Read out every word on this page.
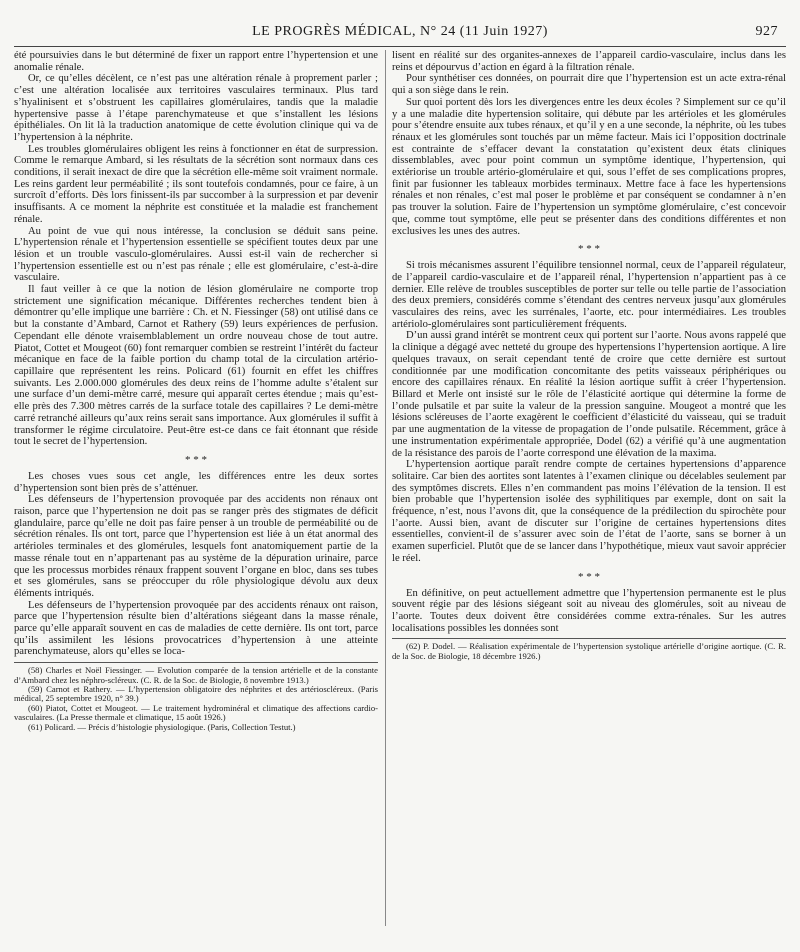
LE PROGRÈS MÉDICAL, N° 24 (11 Juin 1927)	927

été poursuivies dans le but déterminé de fixer un rapport entre l’hypertension et une anomalie rénale.

Or, ce qu’elles décèlent, ce n’est pas une altération rénale à proprement parler ; c’est une altération localisée aux territoires vasculaires terminaux. Plus tard s’hyalinisent et s’obstruent les capillaires glomérulaires, tandis que la maladie hypertensive passe à l’étape parenchymateuse et que s’installent les lésions épithéliales. On lit là la traduction anatomique de cette évolution clinique qui va de l’hypertension à la néphrite.

Les troubles glomérulaires obligent les reins à fonctionner en état de surpression. Comme le remarque Ambard, si les résultats de la sécrétion sont normaux dans ces conditions, il serait inexact de dire que la sécrétion elle-même soit vraiment normale. Les reins gardent leur perméabilité ; ils sont toutefois condamnés, pour ce faire, à un surcroît d’efforts. Dès lors finissent-ils par succomber à la surpression et par devenir insuffisants. A ce moment la néphrite est constituée et la maladie est franchement rénale.

Au point de vue qui nous intéresse, la conclusion se déduit sans peine. L’hypertension rénale et l’hypertension essentielle se spécifient toutes deux par une lésion et un trouble vasculo-glomérulaires. Aussi est-il vain de rechercher si l’hypertension essentielle est ou n’est pas rénale ; elle est glomérulaire, c’est-à-dire vasculaire.

Il faut veiller à ce que la notion de lésion glomérulaire ne comporte trop strictement une signification mécanique. Différentes recherches tendent bien à démontrer qu’elle implique une barrière : Ch. et N. Fiessinger (58) ont utilisé dans ce but la constante d’Ambard, Carnot et Rathery (59) leurs expériences de perfusion. Cependant elle dénote vraisemblablement un ordre nouveau chose de tout autre. Piatot, Cottet et Mougeot (60) font remarquer combien se restreint l’intérêt du facteur mécanique en face de la faible portion du champ total de la circulation artério-capillaire que représentent les reins. Policard (61) fournit en effet les chiffres suivants. Les 2.000.000 glomérules des deux reins de l’homme adulte s’étalent sur une surface d’un demi-mètre carré, mesure qui apparaît certes étendue ; mais qu’est-elle près des 7.300 mètres carrés de la surface totale des capillaires ? Le demi-mètre carré retranché ailleurs qu’aux reins serait sans importance. Aux glomérules il suffit à transformer le régime circulatoire. Peut-être est-ce dans ce fait étonnant que réside tout le secret de l’hypertension.

* * *

Les choses vues sous cet angle, les différences entre les deux sortes d’hypertension sont bien près de s’atténuer.

Les défenseurs de l’hypertension provoquée par des accidents non rénaux ont raison, parce que l’hypertension ne doit pas se ranger près des stigmates de déficit glandulaire, parce qu’elle ne doit pas faire penser à un trouble de perméabilité ou de sécrétion rénales. Ils ont tort, parce que l’hypertension est liée à un état anormal des artérioles terminales et des glomérules, lesquels font anatomiquement partie de la masse rénale tout en n’appartenant pas au système de la dépuration urinaire, parce que les processus morbides rénaux frappent souvent l’organe en bloc, dans ses tubes et ses glomérules, sans se préoccuper du rôle physiologique dévolu aux deux éléments intriqués.

Les défenseurs de l’hypertension provoquée par des accidents rénaux ont raison, parce que l’hypertension résulte bien d’altérations siégeant dans la masse rénale, parce qu’elle apparaît souvent en cas de maladies de cette dernière. Ils ont tort, parce qu’ils assimilent les lésions provocatrices d’hypertension à une atteinte parenchymateuse, alors qu’elles se loca-

(58) Charles et Noël Fiessinger. — Evolution comparée de la tension artérielle et de la constante d’Ambard chez les néphro-scléreux. (C. R. de la Soc. de Biologie, 8 novembre 1913.)

(59) Carnot et Rathery. — L’hypertension obligatoire des néphrites et des artérioscléreux. (Paris médical, 25 septembre 1920, n° 39.)

(60) Piatot, Cottet et Mougeot. — Le traitement hydrominéral et climatique des affections cardio-vasculaires. (La Presse thermale et climatique, 15 août 1926.)

(61) Policard. — Précis d’histologie physiologique. (Paris, Collection Testut.)

lisent en réalité sur des organites-annexes de l’appareil cardio-vasculaire, inclus dans les reins et dépourvus d’action en égard à la filtration rénale.

Pour synthétiser ces données, on pourrait dire que l’hypertension est un acte extra-rénal qui a son siège dans le rein.

Sur quoi portent dès lors les divergences entre les deux écoles ? Simplement sur ce qu’il y a une maladie dite hypertension solitaire, qui débute par les artérioles et les glomérules pour s’étendre ensuite aux tubes rénaux, et qu’il y en a une seconde, la néphrite, où les tubes rénaux et les glomérules sont touchés par un même facteur. Mais ici l’opposition doctrinale est contrainte de s’effacer devant la constatation qu’existent deux états cliniques dissemblables, avec pour point commun un symptôme identique, l’hypertension, qui extériorise un trouble artério-glomérulaire et qui, sous l’effet de ses complications propres, finit par fusionner les tableaux morbides terminaux. Mettre face à face les hypertensions rénales et non rénales, c’est mal poser le problème et par conséquent se condamner à n’en pas trouver la solution. Faire de l’hypertension un symptôme glomérulaire, c’est concevoir que, comme tout symptôme, elle peut se présenter dans des conditions différentes et non exclusives les unes des autres.

* * *

Si trois mécanismes assurent l’équilibre tensionnel normal, ceux de l’appareil régulateur, de l’appareil cardio-vasculaire et de l’appareil rénal, l’hypertension n’appartient pas à ce dernier. Elle relève de troubles susceptibles de porter sur telle ou telle partie de l’association des deux premiers, considérés comme s’étendant des centres nerveux jusqu’aux glomérules vasculaires des reins, avec les surrénales, l’aorte, etc. pour intermédiaires. Les troubles artériolo-glomérulaires sont particulièrement fréquents.

D’un aussi grand intérêt se montrent ceux qui portent sur l’aorte. Nous avons rappelé que la clinique a dégagé avec netteté du groupe des hypertensions l’hypertension aortique. A lire quelques travaux, on serait cependant tenté de croire que cette dernière est surtout conditionnée par une modification concomitante des petits vaisseaux périphériques ou encore des capillaires rénaux. En réalité la lésion aortique suffit à créer l’hypertension. Billard et Merle ont insisté sur le rôle de l’élasticité aortique qui détermine la forme de l’onde pulsatile et par suite la valeur de la pression sanguine. Mougeot a montré que les lésions scléreuses de l’aorte exagèrent le coefficient d’élasticité du vaisseau, qui se traduit par une augmentation de la vitesse de propagation de l’onde pulsatile. Récemment, grâce à une instrumentation expérimentale appropriée, Dodel (62) a vérifié qu’à une augmentation de la résistance des parois de l’aorte correspond une élévation de la maxima.

L’hypertension aortique paraît rendre compte de certaines hypertensions d’apparence solitaire. Car bien des aortites sont latentes à l’examen clinique ou décelables seulement par des symptômes discrets. Elles n’en commandent pas moins l’élévation de la tension. Il est bien probable que l’hypertension isolée des syphilitiques par exemple, dont on sait la fréquence, n’est, nous l’avons dit, que la conséquence de la prédilection du spirochète pour l’aorte. Aussi bien, avant de discuter sur l’origine de certaines hypertensions dites essentielles, convient-il de s’assurer avec soin de l’état de l’aorte, sans se borner à un examen superficiel. Plutôt que de se lancer dans l’hypothétique, mieux vaut savoir apprécier le réel.

* * *

En définitive, on peut actuellement admettre que l’hypertension permanente est le plus souvent régie par des lésions siégeant soit au niveau des glomérules, soit au niveau de l’aorte. Toutes deux doivent être considérées comme extra-rénales. Sur les autres localisations possibles les données sont

(62) P. Dodel. — Réalisation expérimentale de l’hypertension systolique artérielle d’origine aortique. (C. R. de la Soc. de Biologie, 18 décembre 1926.)
